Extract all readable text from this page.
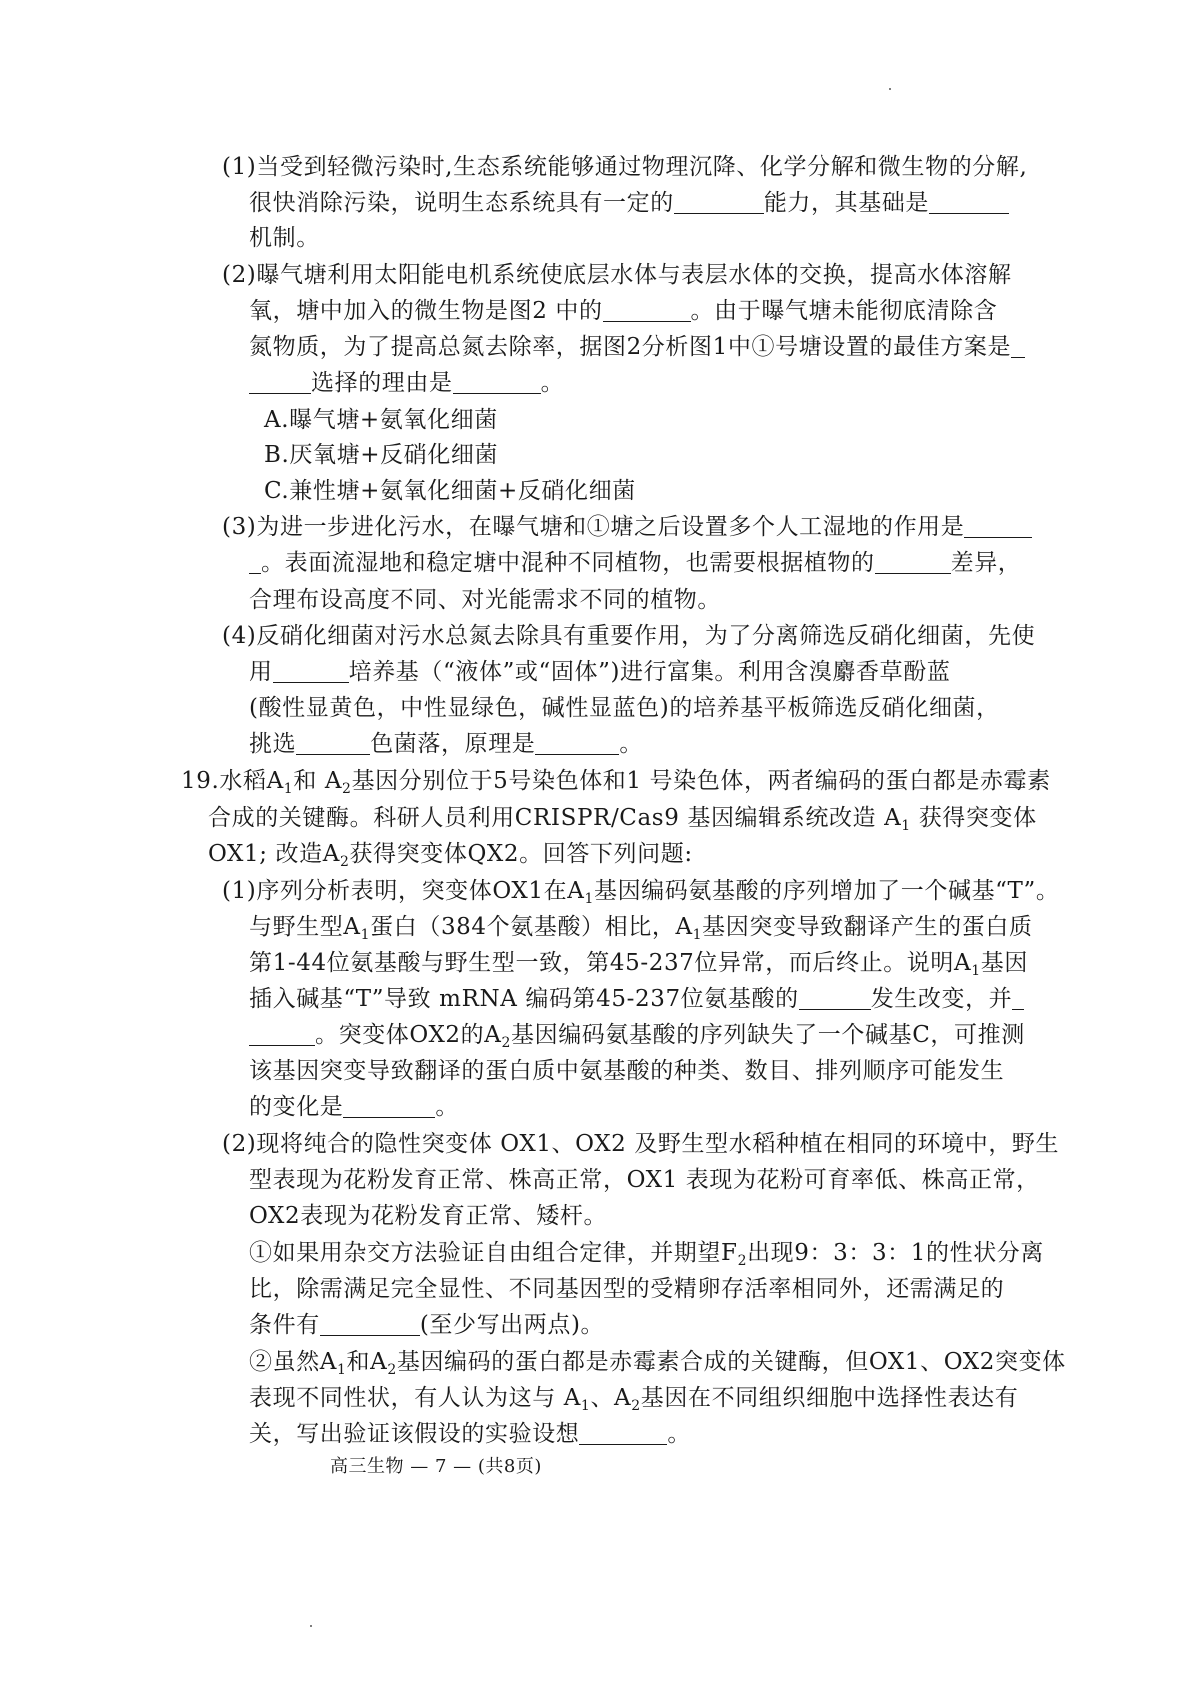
(1)当受到轻微污染时,生态系统能够通过物理沉降、化学分解和微生物的分解,
很快消除污染，说明生态系统具有一定的	能力，其基础是
机制。
(2)曝气塘利用太阳能电机系统使底层水体与表层水体的交换，提高水体溶解
氧，塘中加入的微生物是图2 中的	。由于曝气塘未能彻底清除含
氮物质，为了提高总氮去除率，据图2分析图1中①号塘设置的最佳方案是
选择的理由是	。
A.曝气塘+氨氧化细菌
B.厌氧塘+反硝化细菌
C.兼性塘+氨氧化细菌+反硝化细菌
(3)为进一步进化污水，在曝气塘和①塘之后设置多个人工湿地的作用是
。表面流湿地和稳定塘中混种不同植物，也需要根据植物的	差异，
合理布设高度不同、对光能需求不同的植物。
(4)反硝化细菌对污水总氮去除具有重要作用，为了分离筛选反硝化细菌，先使
用	培养基（“液体”或“固体”)进行富集。利用含溴麝香草酚蓝
(酸性显黄色，中性显绿色，碱性显蓝色)的培养基平板筛选反硝化细菌，
挑选	色菌落，原理是	。
19.水稻$A_1$和 $A_2$基因分别位于5号染色体和1 号染色体，两者编码的蛋白都是赤霉素
合成的关键酶。科研人员利用CRISPR/Cas9 基因编辑系统改造 $A_1$ 获得突变体
OX1; 改造$A_2$获得突变体QX2。回答下列问题:
(1)序列分析表明，突变体OX1在$A_1$基因编码氨基酸的序列增加了一个碱基“T”。
与野生型$A_1$蛋白（384个氨基酸）相比，$A_1$基因突变导致翻译产生的蛋白质
第1-44位氨基酸与野生型一致，第45-237位异常，而后终止。说明$A_1$基因
插入碱基“T”导致 mRNA 编码第45-237位氨基酸的	发生改变，并
。突变体OX2的$A_2$基因编码氨基酸的序列缺失了一个碱基C，可推测
该基因突变导致翻译的蛋白质中氨基酸的种类、数目、排列顺序可能发生
的变化是	。
(2)现将纯合的隐性突变体 OX1、OX2 及野生型水稻种植在相同的环境中，野生
型表现为花粉发育正常、株高正常，OX1 表现为花粉可育率低、株高正常，
OX2表现为花粉发育正常、矮杆。
①如果用杂交方法验证自由组合定律，并期望$F_2$出现9：3：3：1的性状分离
比，除需满足完全显性、不同基因型的受精卵存活率相同外，还需满足的
条件有	(至少写出两点)。
②虽然$A_1$和$A_2$基因编码的蛋白都是赤霉素合成的关键酶，但OX1、OX2突变体
表现不同性状，有人认为这与 $A_1$、$A_2$基因在不同组织细胞中选择性表达有
关，写出验证该假设的实验设想	。
高三生物 — 7 — (共8页)
